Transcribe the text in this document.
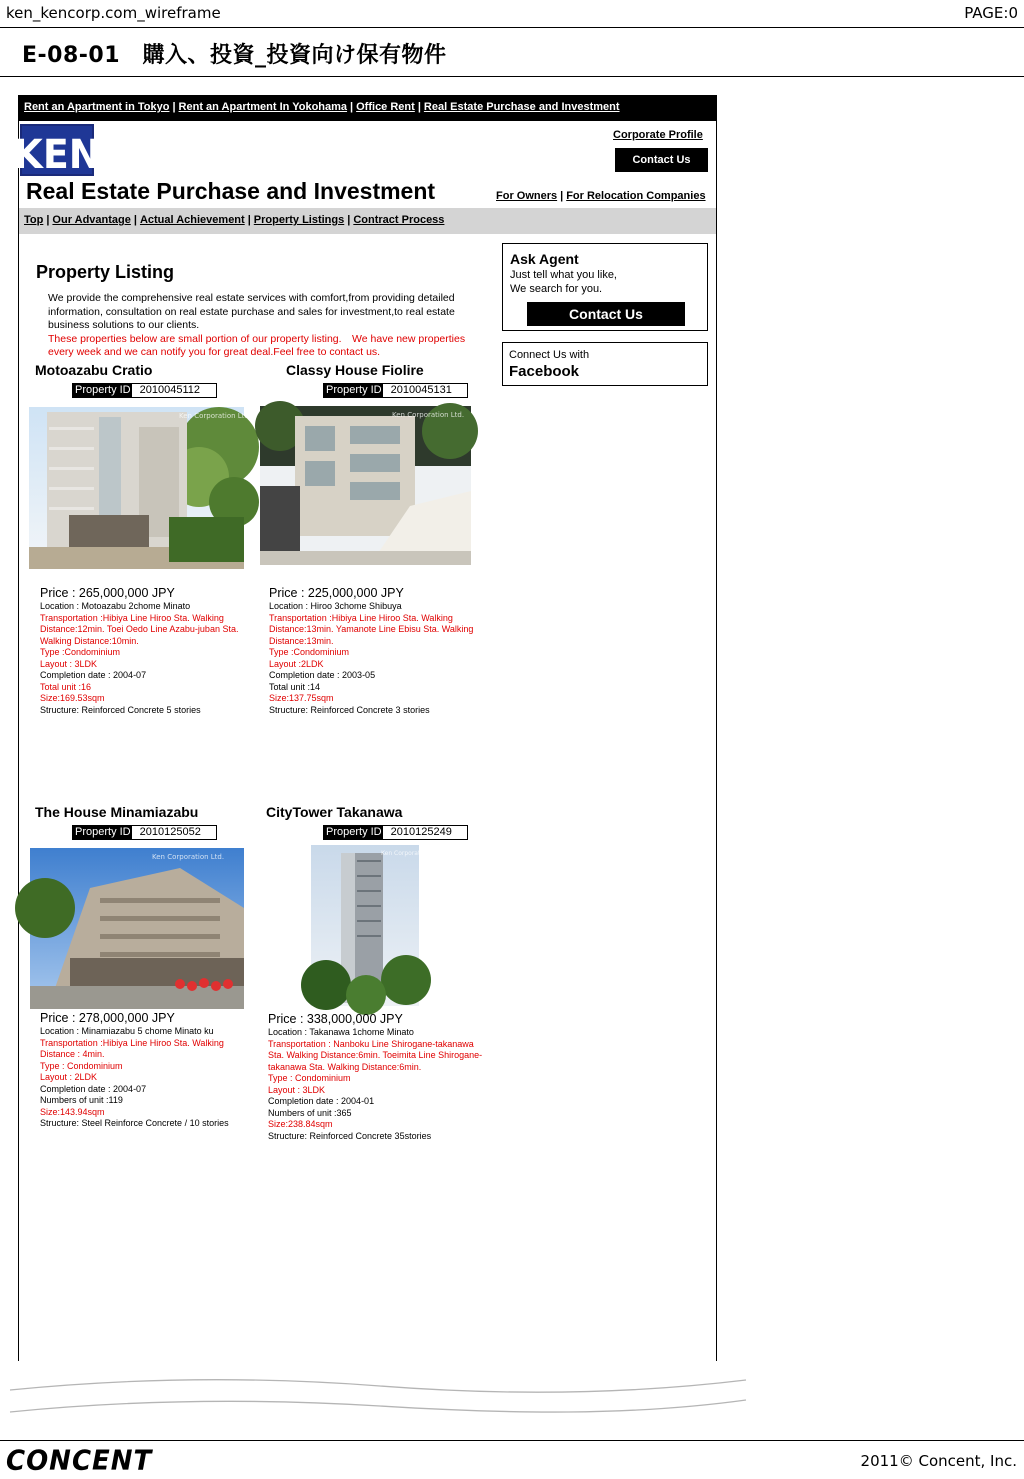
ken_kencorp.com_wireframe	PAGE:0
E-08-01　購入、投資_投資向け保有物件
Rent an Apartment in Tokyo | Rent an Apartment In Yokohama | Office Rent | Real Estate Purchase and Investment
KEN	Corporate Profile
Contact Us
Real Estate Purchase and Investment	For Owners | For Relocation Companies
Top | Our Advantage | Actual Achievement | Property Listings | Contract Process
Property Listing
We provide the comprehensive real estate services with comfort,from providing detailed information, consultation on real estate purchase and sales for investment,to real estate business solutions to our clients.
These properties below are small portion of our property listing.　We have new properties every week and we can notify you for great deal.Feel free to contact us.
Ask Agent
Just tell what you like,
We search for you.
Contact Us
Connect Us with
Facebook
Motoazabu Cratio
Property ID 2010045112
Ken Corporation Ltd.
Price : 265,000,000 JPY
Location : Motoazabu 2chome Minato
Transportation :Hibiya Line Hiroo Sta. Walking Distance:12min. Toei Oedo Line Azabu-juban Sta. Walking Distance:10min.
Type :Condominium
Layout : 3LDK
Completion date : 2004-07
Total unit :16
Size:169.53sqm
Structure: Reinforced Concrete 5 stories
Classy House Fiolire
Property ID 2010045131
Ken Corporation Ltd.
Price : 225,000,000 JPY
Location : Hiroo 3chome Shibuya
Transportation :Hibiya Line Hiroo Sta. Walking Distance:13min. Yamanote Line Ebisu Sta. Walking Distance:13min.
Type :Condominium
Layout :2LDK
Completion date : 2003-05
Total unit :14
Size:137.75sqm
Structure: Reinforced Concrete 3 stories
The House Minamiazabu
Property ID 2010125052
Ken Corporation Ltd.
Price : 278,000,000 JPY
Location : Minamiazabu 5 chome Minato ku
Transportation :Hibiya Line Hiroo Sta. Walking Distance : 4min.
Type : Condominium
Layout : 2LDK
Completion date : 2004-07
Numbers of unit :119
Size:143.94sqm
Structure: Steel Reinforce Concrete / 10 stories
CityTower Takanawa
Property ID 2010125249
Ken Corporation Ltd.
Price : 338,000,000 JPY
Location : Takanawa 1chome Minato
Transportation : Nanboku Line Shirogane-takanawa Sta. Walking Distance:6min. Toeimita Line Shirogane-takanawa Sta. Walking Distance:6min.
Type : Condominium
Layout : 3LDK
Completion date : 2004-01
Numbers of unit :365
Size:238.84sqm
Structure: Reinforced Concrete 35stories
CONCENT	2011© Concent, Inc.
